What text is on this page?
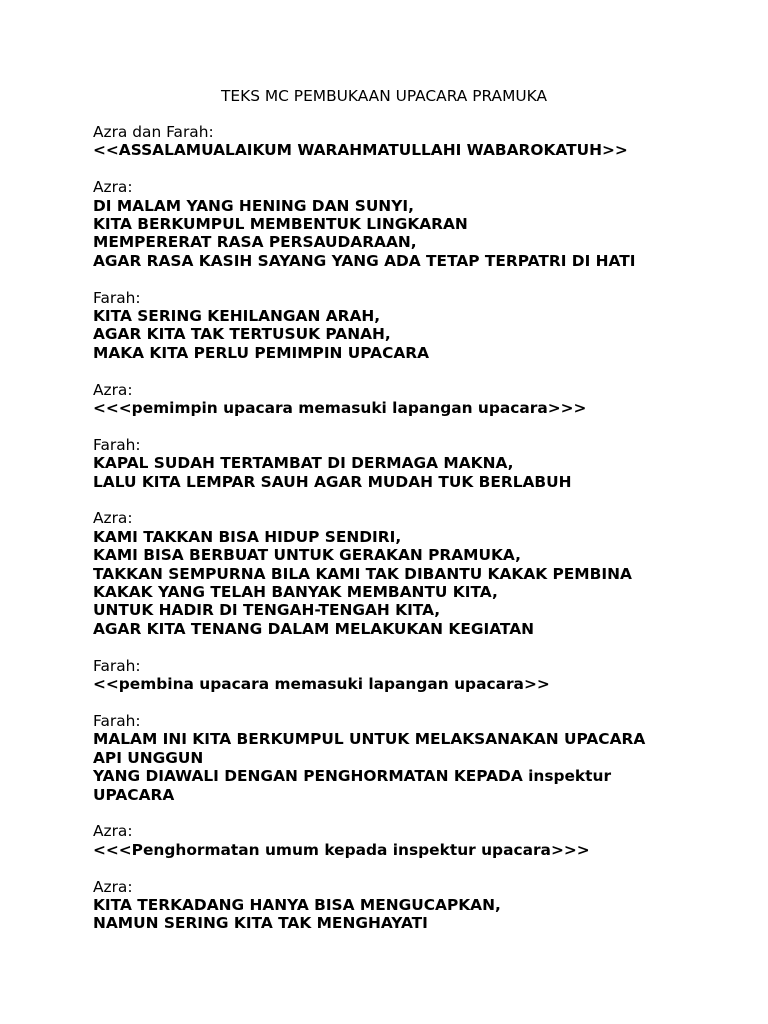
TEKS MC PEMBUKAAN UPACARA PRAMUKA
Azra dan Farah:
<<ASSALAMUALAIKUM WARAHMATULLAHI WABAROKATUH>>
Azra:
DI MALAM YANG HENING DAN SUNYI,
KITA BERKUMPUL MEMBENTUK LINGKARAN
MEMPERERAT RASA PERSAUDARAAN,
AGAR RASA KASIH SAYANG YANG ADA TETAP TERPATRI DI HATI
Farah:
KITA SERING KEHILANGAN ARAH,
AGAR KITA TAK TERTUSUK PANAH,
MAKA KITA PERLU PEMIMPIN UPACARA
Azra:
<<<pemimpin upacara memasuki lapangan upacara>>>
Farah:
KAPAL SUDAH TERTAMBAT DI DERMAGA MAKNA,
LALU KITA LEMPAR SAUH AGAR MUDAH TUK BERLABUH
Azra:
KAMI TAKKAN BISA HIDUP SENDIRI,
KAMI BISA BERBUAT UNTUK GERAKAN PRAMUKA,
TAKKAN SEMPURNA BILA KAMI TAK DIBANTU KAKAK PEMBINA
KAKAK YANG TELAH BANYAK MEMBANTU KITA,
UNTUK HADIR DI TENGAH-TENGAH KITA,
AGAR KITA TENANG DALAM MELAKUKAN KEGIATAN
Farah:
<<pembina upacara memasuki lapangan upacara>>
Farah:
MALAM INI KITA BERKUMPUL UNTUK MELAKSANAKAN UPACARA
API UNGGUN
YANG DIAWALI DENGAN PENGHORMATAN KEPADA inspektur
UPACARA
Azra:
<<<Penghormatan umum kepada inspektur upacara>>>
Azra:
KITA TERKADANG HANYA BISA MENGUCAPKAN,
NAMUN SERING KITA TAK MENGHAYATI
